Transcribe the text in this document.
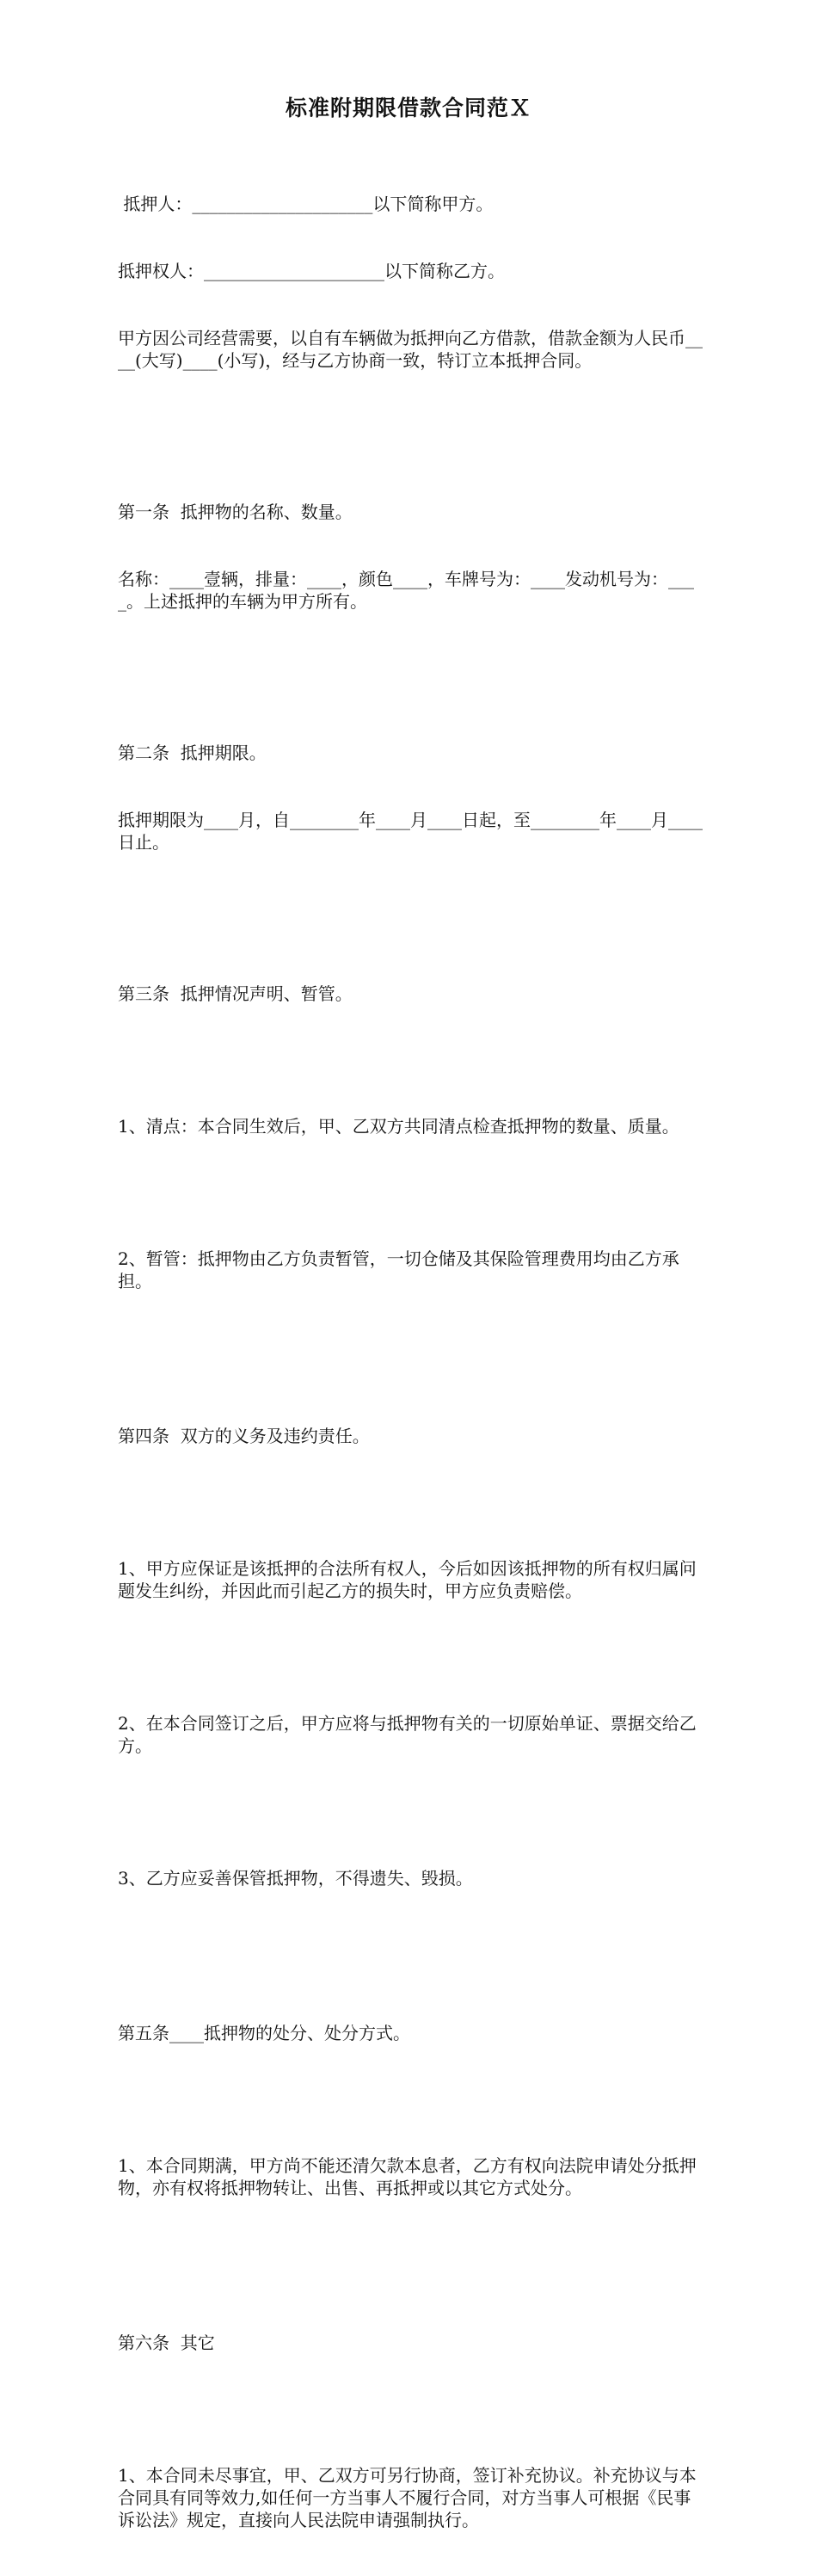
标准附期限借款合同范Ｘ

抵押人：_____________________以下简称甲方。

抵押权人：_____________________以下简称乙方。

甲方因公司经营需要，以自有车辆做为抵押向乙方借款，借款金额为人民币____(大写)____(小写)，经与乙方协商一致，特订立本抵押合同。

第一条  抵押物的名称、数量。

名称：____壹辆，排量：____，颜色____，车牌号为：____发动机号为：____。上述抵押的车辆为甲方所有。

第二条  抵押期限。

抵押期限为____月，自________年____月____日起，至________年____月____日止。

第三条  抵押情况声明、暂管。

1、清点：本合同生效后，甲、乙双方共同清点检查抵押物的数量、质量。

2、暂管：抵押物由乙方负责暂管，一切仓储及其保险管理费用均由乙方承担。

第四条  双方的义务及违约责任。

1、甲方应保证是该抵押的合法所有权人，今后如因该抵押物的所有权归属问题发生纠纷，并因此而引起乙方的损失时，甲方应负责赔偿。

2、在本合同签订之后，甲方应将与抵押物有关的一切原始单证、票据交给乙方。

3、乙方应妥善保管抵押物，不得遗失、毁损。

第五条____抵押物的处分、处分方式。

1、本合同期满，甲方尚不能还清欠款本息者，乙方有权向法院申请处分抵押物，亦有权将抵押物转让、出售、再抵押或以其它方式处分。

第六条  其它

1、本合同未尽事宜，甲、乙双方可另行协商，签订补充协议。补充协议与本合同具有同等效力,如任何一方当事人不履行合同，对方当事人可根据《民事诉讼法》规定，直接向人民法院申请强制执行。
